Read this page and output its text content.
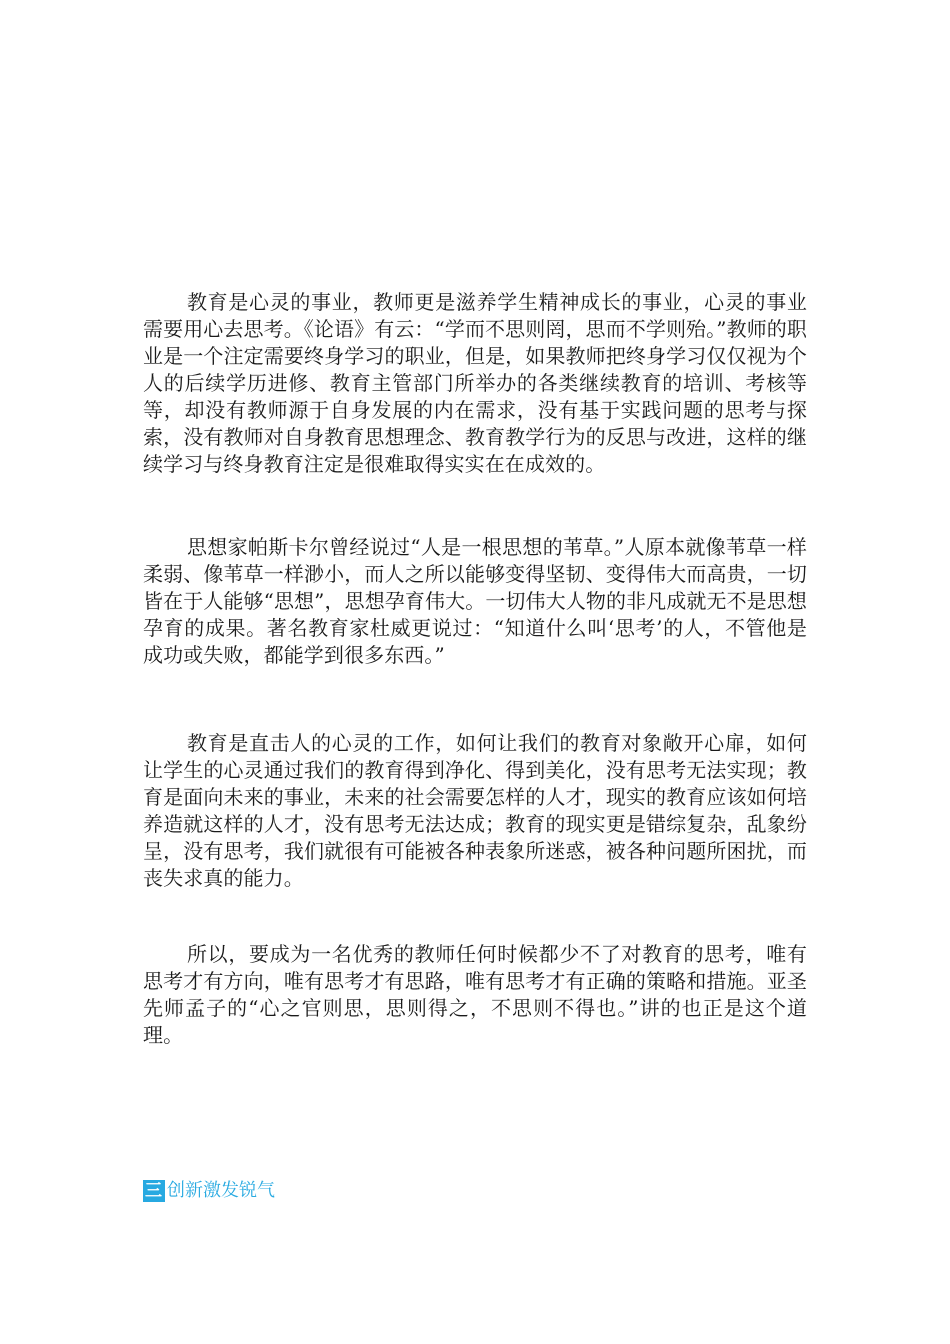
教育是心灵的事业，教师更是滋养学生精神成长的事业，心灵的事业需要用心去思考。《论语》有云：“学而不思则罔，思而不学则殆。”教师的职业是一个注定需要终身学习的职业，但是，如果教师把终身学习仅仅视为个人的后续学历进修、教育主管部门所举办的各类继续教育的培训、考核等等，却没有教师源于自身发展的内在需求，没有基于实践问题的思考与探索，没有教师对自身教育思想理念、教育教学行为的反思与改进，这样的继续学习与终身教育注定是很难取得实实在在成效的。

思想家帕斯卡尔曾经说过“人是一根思想的苇草。”人原本就像苇草一样柔弱、像苇草一样渺小，而人之所以能够变得坚韧、变得伟大而高贵，一切皆在于人能够“思想”，思想孕育伟大。一切伟大人物的非凡成就无不是思想孕育的成果。著名教育家杜威更说过：“知道什么叫‘思考’的人，不管他是成功或失败，都能学到很多东西。”

教育是直击人的心灵的工作，如何让我们的教育对象敞开心扉，如何让学生的心灵通过我们的教育得到净化、得到美化，没有思考无法实现；教育是面向未来的事业，未来的社会需要怎样的人才，现实的教育应该如何培养造就这样的人才，没有思考无法达成；教育的现实更是错综复杂，乱象纷呈，没有思考，我们就很有可能被各种表象所迷惑，被各种问题所困扰，而丧失求真的能力。

所以，要成为一名优秀的教师任何时候都少不了对教育的思考，唯有思考才有方向，唯有思考才有思路，唯有思考才有正确的策略和措施。亚圣先师孟子的“心之官则思，思则得之，不思则不得也。”讲的也正是这个道理。

三 创新激发锐气
